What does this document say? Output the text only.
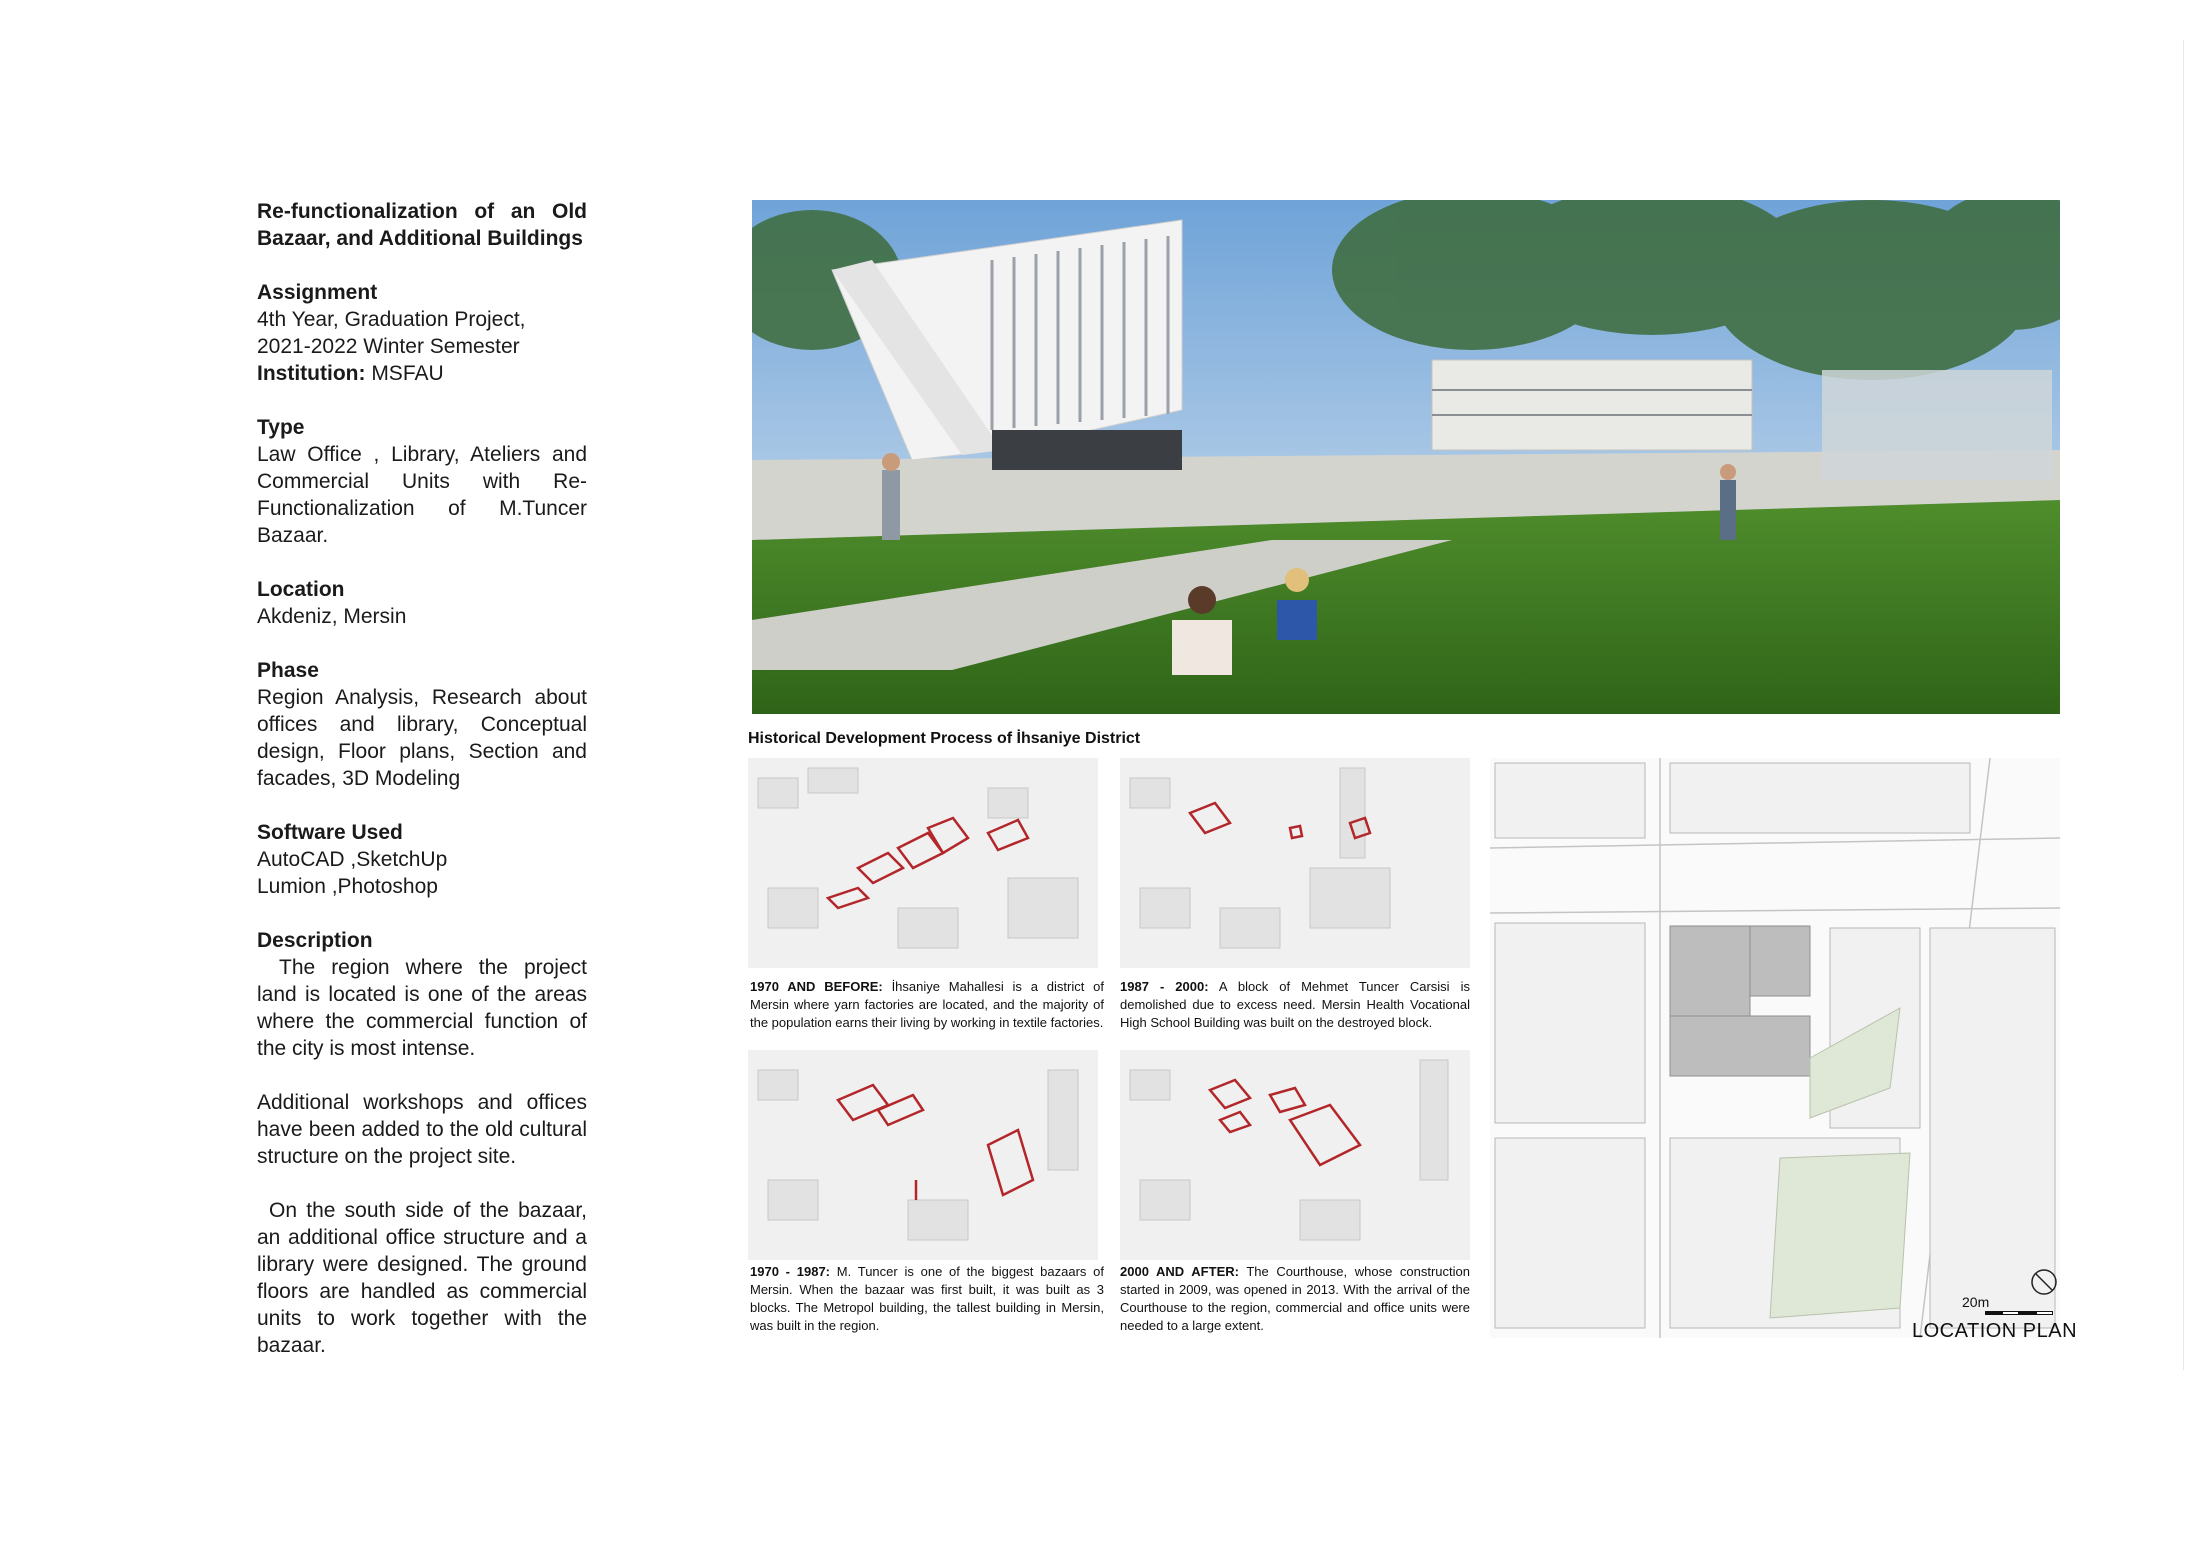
Re-functionalization of an Old Bazaar, and Additional Buildings

Assignment

4th Year, Graduation Project,

2021-2022 Winter Semester

Institution: MSFAU

Type

Law Office , Library, Ateliers and Commercial Units with Re-Functionalization of M.Tuncer Bazaar.

Location

Akdeniz, Mersin

Phase

Region Analysis, Research about offices and library, Conceptual design, Floor plans, Section and facades, 3D Modeling

Software Used

AutoCAD ,SketchUp

Lumion ,Photoshop

Description

The region where the project land is located is one of the areas where the commercial function of the city is most intense.

Additional workshops and offices have been added to the old cultural structure on the project site.

On the south side of the bazaar, an additional office structure and a library were designed. The ground floors are handled as commercial units to work together with the bazaar.

Historical Development Process of İhsaniye District
1970 AND BEFORE: İhsaniye Mahallesi is a district of Mersin where yarn factories are located, and the majority of the population earns their living by working in textile factories.
1987 - 2000: A block of Mehmet Tuncer Carsisi is demolished due to excess need. Mersin Health Vocational High School Building was built on the destroyed block.
1970 - 1987: M. Tuncer is one of the biggest bazaars of Mersin. When the bazaar was first built, it was built as 3 blocks. The Metropol building, the tallest building in Mersin, was built in the region.
2000 AND AFTER: The Courthouse, whose construction started in 2009, was opened in 2013. With the arrival of the Courthouse to the region, commercial and office units were needed to a large extent.
20m
LOCATION PLAN
